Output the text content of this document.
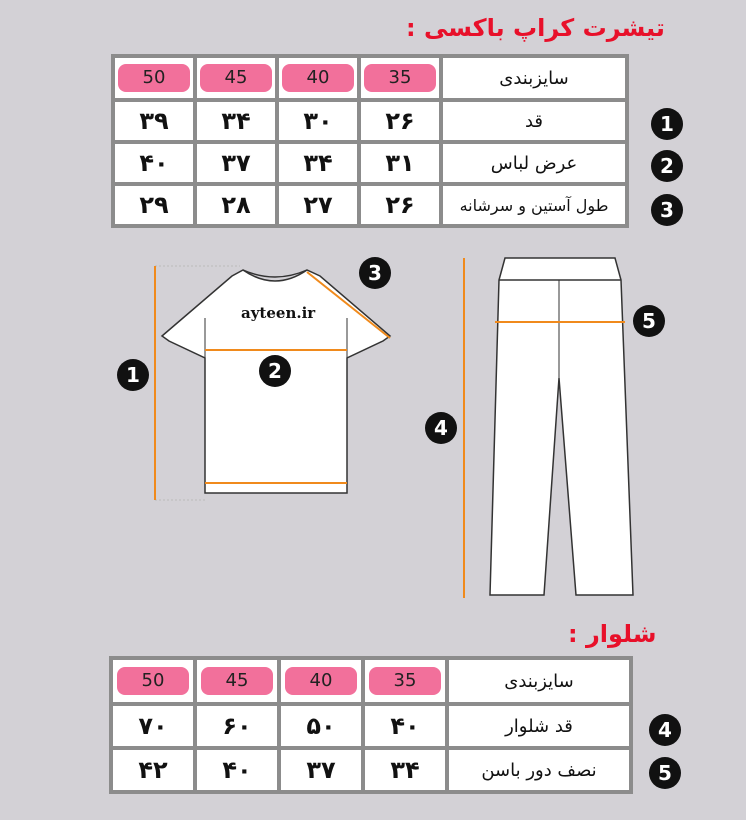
تیشرت کراپ باکسی :
50	45	40	35	سایزبندی
۳۹	۳۴	۳۰	۲۶	قد
۴۰	۳۷	۳۴	۳۱	عرض لباس
۲۹	۲۸	۲۷	۲۶	طول آستین و سرشانه
1
2
3
ayteen.ir
1	2
3
4
5
شلوار :
50	45	40	35	سایزبندی
۷۰	۶۰	۵۰	۴۰	قد شلوار
۴۲	۴۰	۳۷	۳۴	نصف دور باسن
4
5
